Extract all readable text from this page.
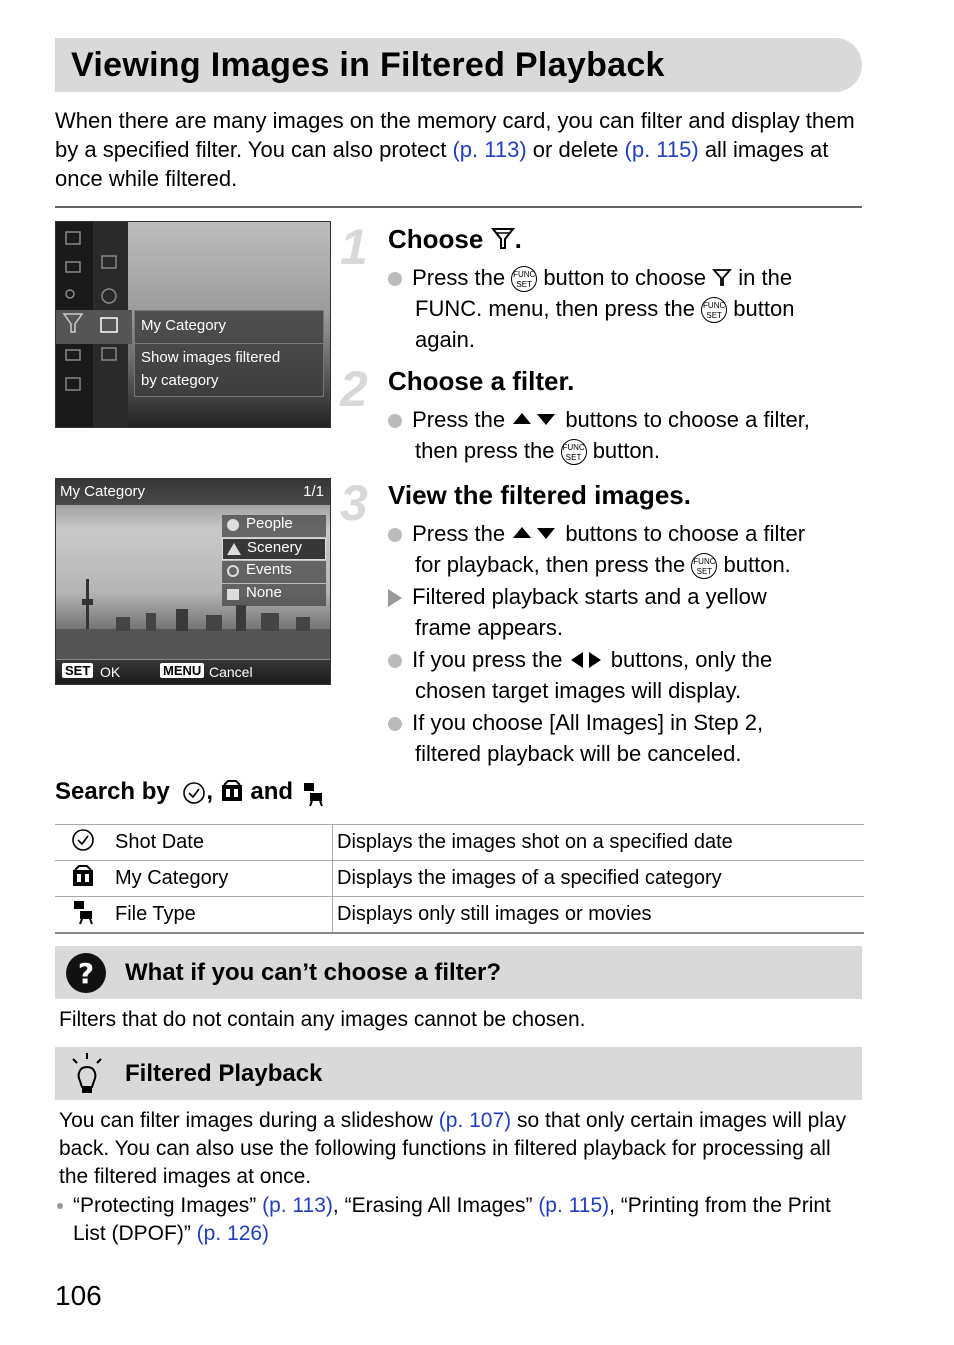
Viewing Images in Filtered Playback
When there are many images on the memory card, you can filter and display them by a specified filter. You can also protect (p. 113) or delete (p. 115) all images at once while filtered.
My Category
Show images filtered
by category
My Category	1/1
People
Scenery
Events
None
SET OK	MENU Cancel
1 Choose .
Press the FUNC SET button to choose in the
FUNC. menu, then press the FUNC SET button
again.
2 Choose a filter.
Press the	buttons to choose a filter,
then press the FUNC SET button.
3 View the filtered images.
Press the	buttons to choose a filter
for playback, then press the FUNC SET button.
Filtered playback starts and a yellow
frame appears.
If you press the buttons, only the
chosen target images will display.
If you choose [All Images] in Step 2,
filtered playback will be canceled.
Search by , and
	Shot Date	Displays the images shot on a specified date
	My Category	Displays the images of a specified category
	File Type	Displays only still images or movies
? What if you can’t choose a filter?
Filters that do not contain any images cannot be chosen.
Filtered Playback
You can filter images during a slideshow (p. 107) so that only certain images will play back. You can also use the following functions in filtered playback for processing all the filtered images at once.
“Protecting Images” (p. 113), “Erasing All Images” (p. 115), “Printing from the Print List (DPOF)” (p. 126)
106
